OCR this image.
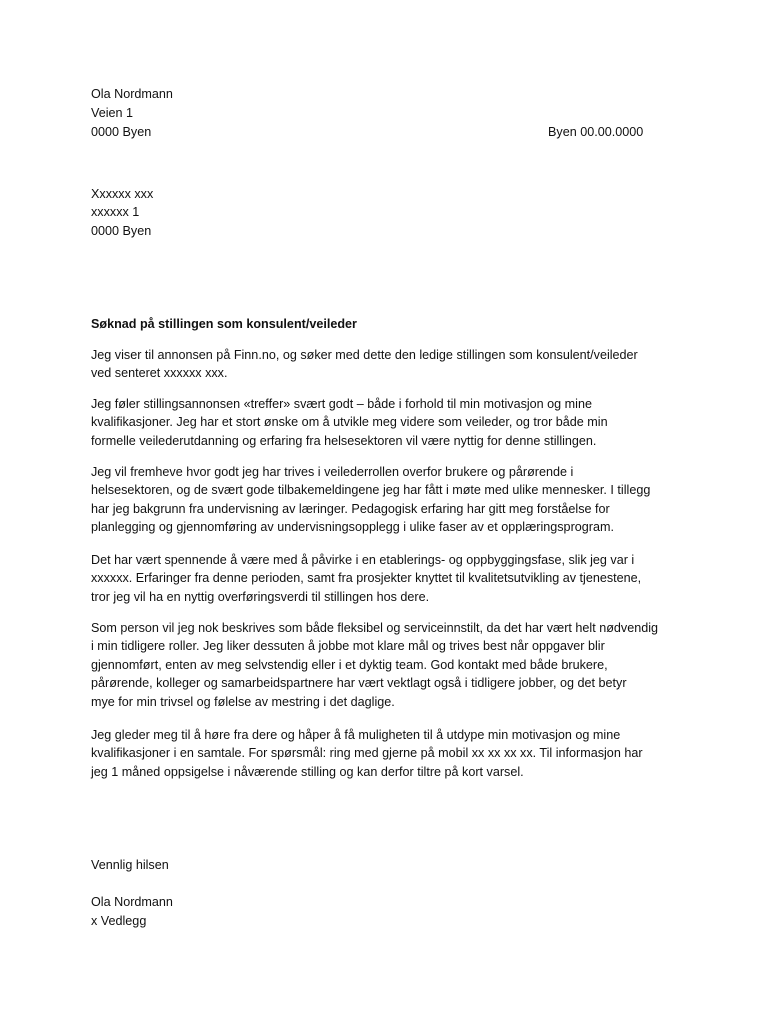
Ola Nordmann
Veien 1
0000 Byen	Byen 00.00.0000
Xxxxxx xxx
xxxxxx 1
0000 Byen
Søknad på stillingen som konsulent/veileder

Jeg viser til annonsen på Finn.no, og søker med dette den ledige stillingen som konsulent/veileder
ved senteret xxxxxx xxx.

Jeg føler stillingsannonsen «treffer» svært godt – både i forhold til min motivasjon og mine
kvalifikasjoner. Jeg har et stort ønske om å utvikle meg videre som veileder, og tror både min
formelle veilederutdanning og erfaring fra helsesektoren vil være nyttig for denne stillingen.

Jeg vil fremheve hvor godt jeg har trives i veilederrollen overfor brukere og pårørende i
helsesektoren, og de svært gode tilbakemeldingene jeg har fått i møte med ulike mennesker. I tillegg
har jeg bakgrunn fra undervisning av læringer. Pedagogisk erfaring har gitt meg forståelse for
planlegging og gjennomføring av undervisningsopplegg i ulike faser av et opplæringsprogram.

Det har vært spennende å være med å påvirke i en etablerings- og oppbyggingsfase, slik jeg var i
xxxxxx. Erfaringer fra denne perioden, samt fra prosjekter knyttet til kvalitetsutvikling av tjenestene,
tror jeg vil ha en nyttig overføringsverdi til stillingen hos dere.

Som person vil jeg nok beskrives som både fleksibel og serviceinnstilt, da det har vært helt nødvendig
i min tidligere roller. Jeg liker dessuten å jobbe mot klare mål og trives best når oppgaver blir
gjennomført, enten av meg selvstendig eller i et dyktig team. God kontakt med både brukere,
pårørende, kolleger og samarbeidspartnere har vært vektlagt også i tidligere jobber, og det betyr
mye for min trivsel og følelse av mestring i det daglige.

Jeg gleder meg til å høre fra dere og håper å få muligheten til å utdype min motivasjon og mine
kvalifikasjoner i en samtale. For spørsmål: ring med gjerne på mobil xx xx xx xx. Til informasjon har
jeg 1 måned oppsigelse i nåværende stilling og kan derfor tiltre på kort varsel.

Vennlig hilsen
Ola Nordmann
x Vedlegg
